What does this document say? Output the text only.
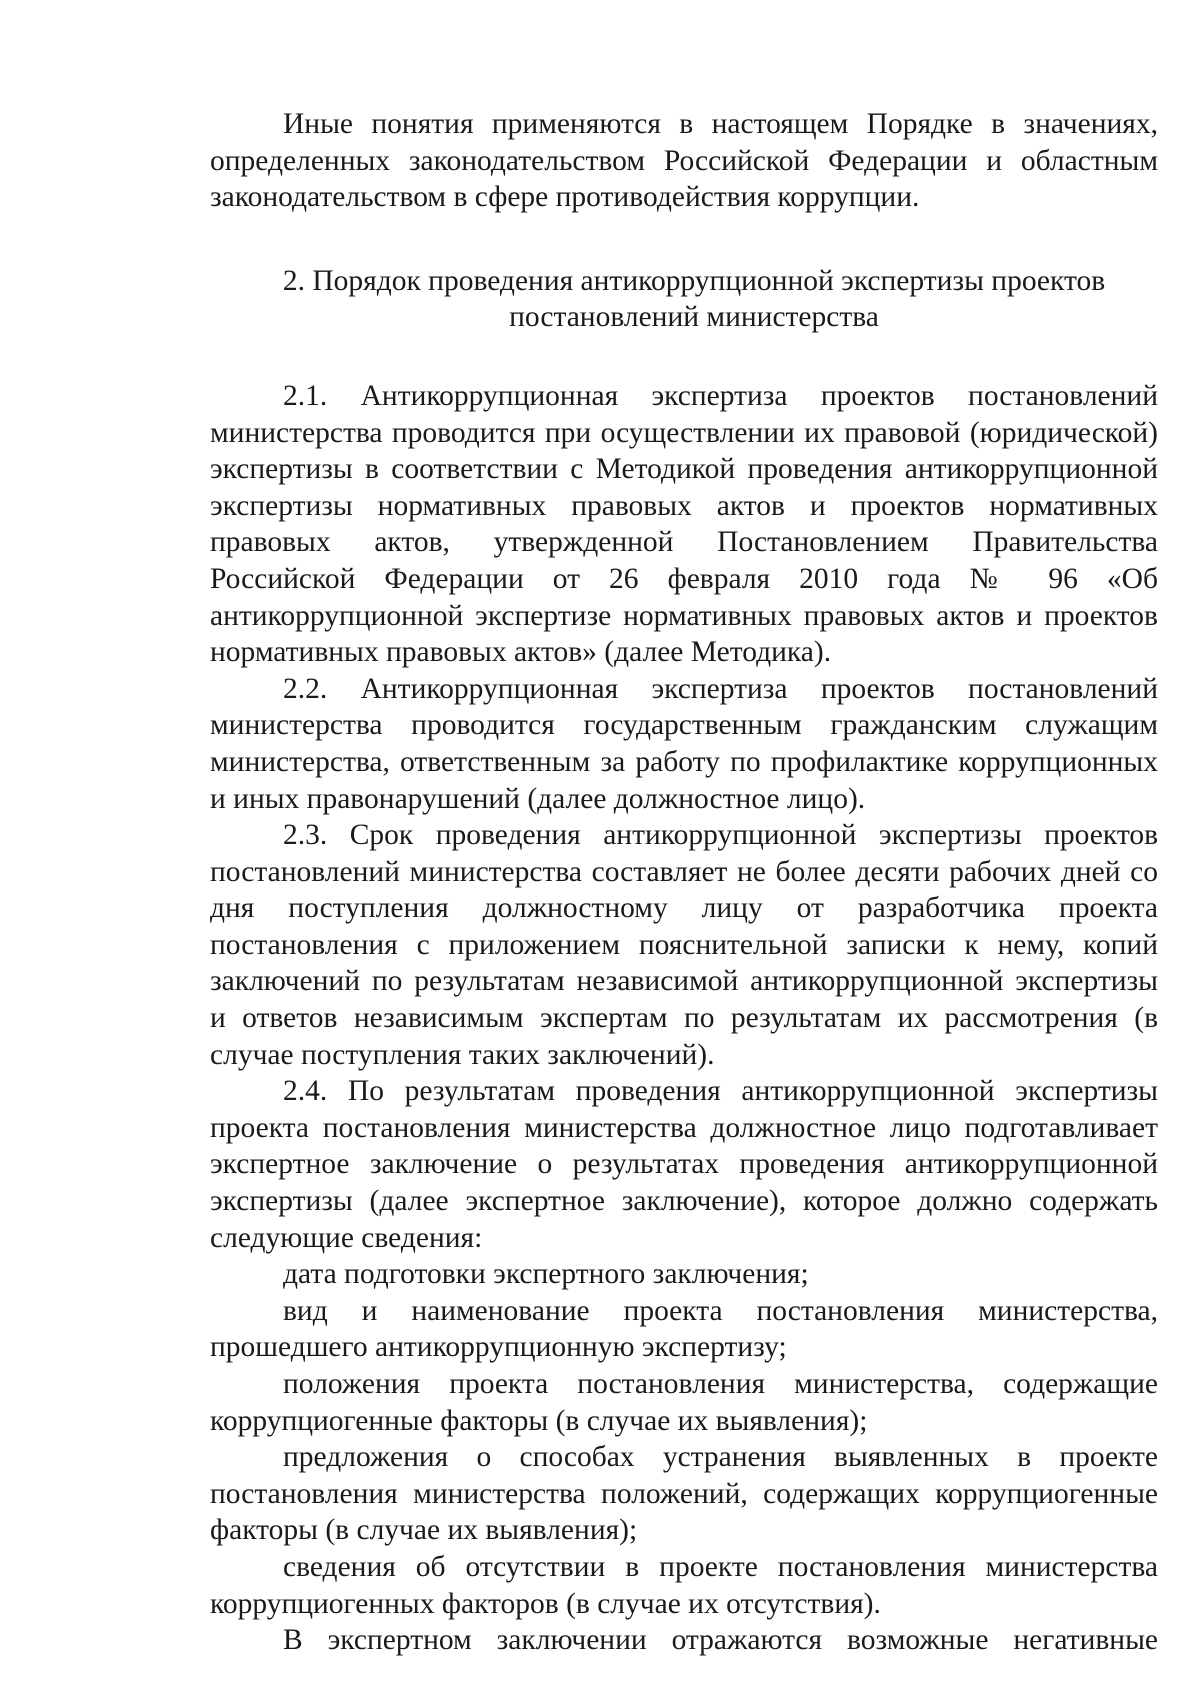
Иные понятия применяются в настоящем Порядке в значениях, определенных законодательством Российской Федерации и областным законодательством в сфере противодействия коррупции.

2. Порядок проведения антикоррупционной экспертизы проектов
постановлений министерства

2.1. Антикоррупционная экспертиза проектов постановлений министерства проводится при осуществлении их правовой (юридической) экспертизы в соответствии с Методикой проведения антикоррупционной экспертизы нормативных правовых актов и проектов нормативных правовых актов, утвержденной Постановлением Правительства Российской Федерации от 26 февраля 2010 года № 96 «Об антикоррупционной экспертизе нормативных правовых актов и проектов нормативных правовых актов» (далее Методика).

2.2. Антикоррупционная экспертиза проектов постановлений министерства проводится государственным гражданским служащим министерства, ответственным за работу по профилактике коррупционных и иных правонарушений (далее должностное лицо).

2.3. Срок проведения антикоррупционной экспертизы проектов постановлений министерства составляет не более десяти рабочих дней со дня поступления должностному лицу от разработчика проекта постановления с приложением пояснительной записки к нему, копий заключений по результатам независимой антикоррупционной экспертизы и ответов независимым экспертам по результатам их рассмотрения (в случае поступления таких заключений).

2.4. По результатам проведения антикоррупционной экспертизы проекта постановления министерства должностное лицо подготавливает экспертное заключение о результатах проведения антикоррупционной экспертизы (далее экспертное заключение), которое должно содержать следующие сведения:

дата подготовки экспертного заключения;

вид и наименование проекта постановления министерства, прошедшего антикоррупционную экспертизу;

положения проекта постановления министерства, содержащие коррупциогенные факторы (в случае их выявления);

предложения о способах устранения выявленных в проекте постановления министерства положений, содержащих коррупциогенные факторы (в случае их выявления);

сведения об отсутствии в проекте постановления министерства коррупциогенных факторов (в случае их отсутствия).

В экспертном заключении отражаются возможные негативные
